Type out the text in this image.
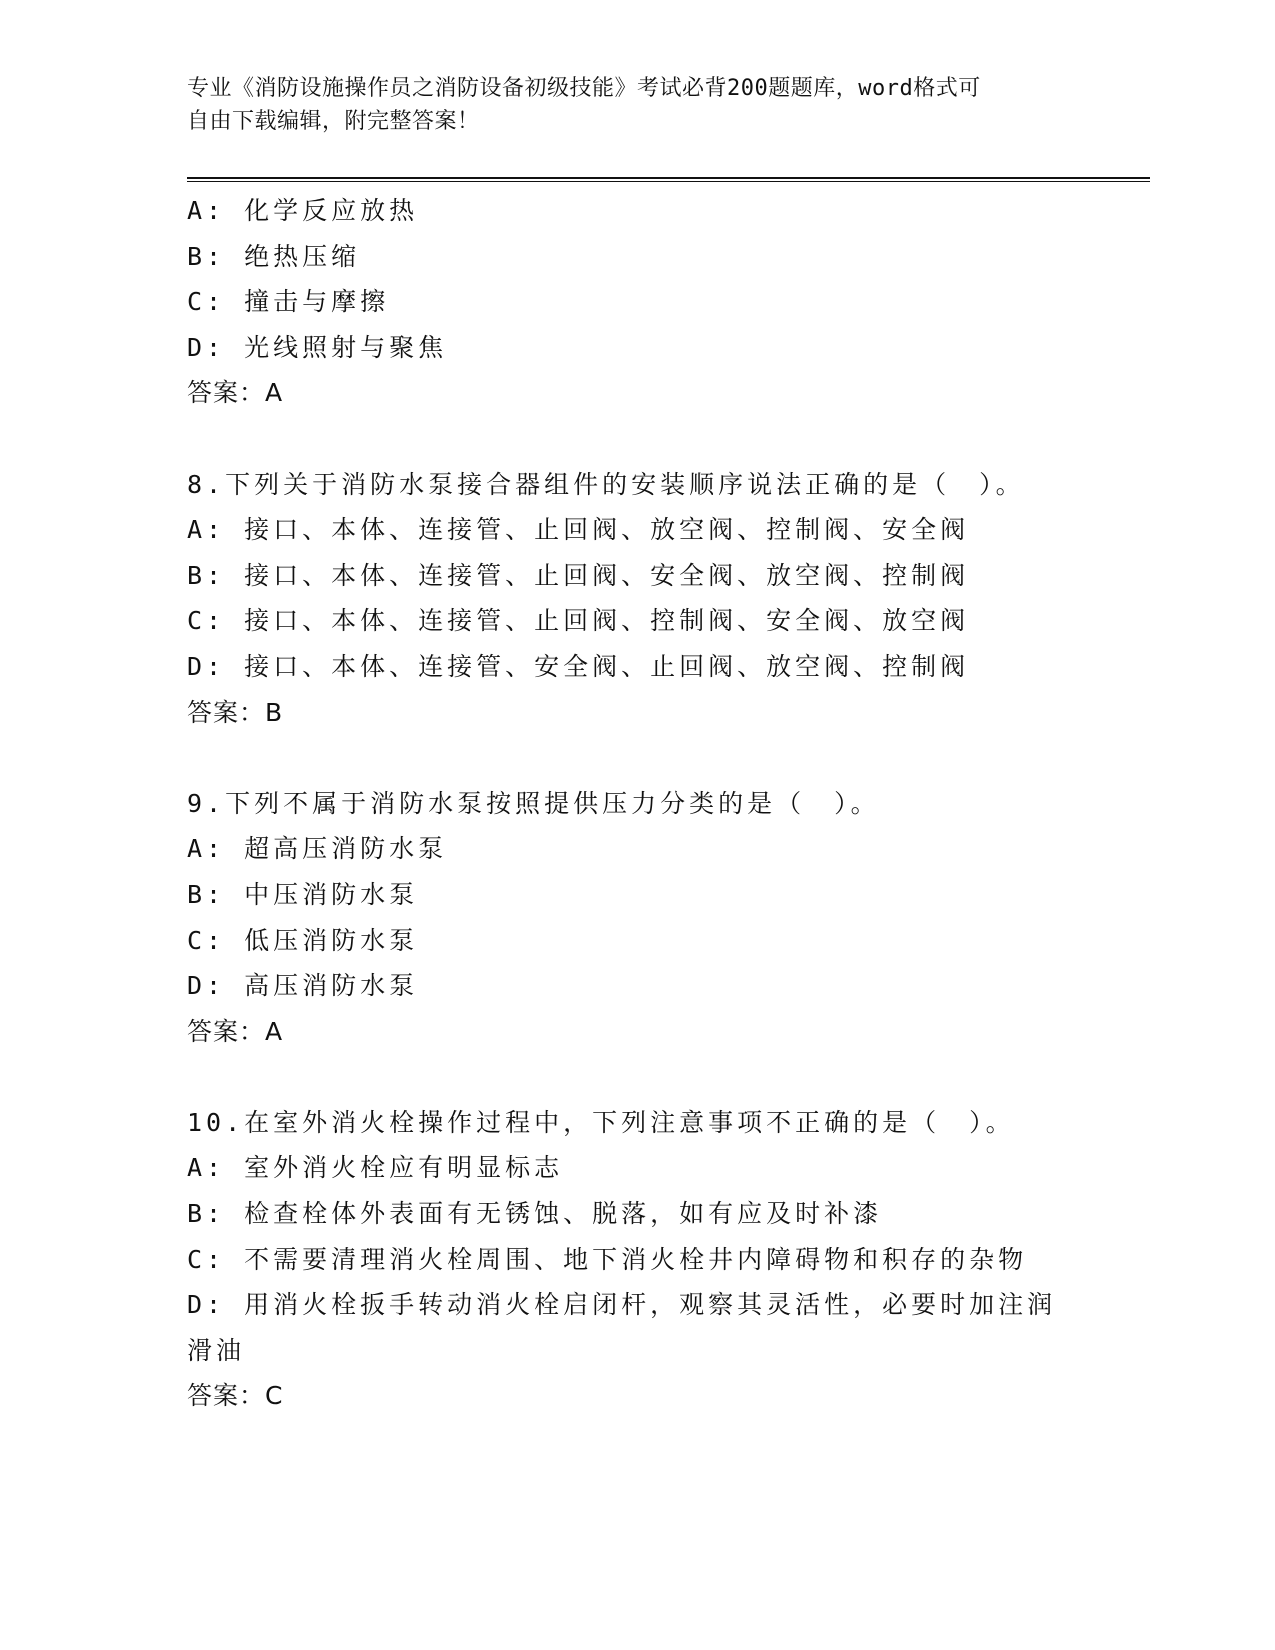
专业《消防设施操作员之消防设备初级技能》考试必背200题题库，word格式可
自由下载编辑，附完整答案！
A: 化学反应放热
B: 绝热压缩
C: 撞击与摩擦
D: 光线照射与聚焦
答案：A
8.下列关于消防水泵接合器组件的安装顺序说法正确的是（　）。
A: 接口、本体、连接管、止回阀、放空阀、控制阀、安全阀
B: 接口、本体、连接管、止回阀、安全阀、放空阀、控制阀
C: 接口、本体、连接管、止回阀、控制阀、安全阀、放空阀
D: 接口、本体、连接管、安全阀、止回阀、放空阀、控制阀
答案：B
9.下列不属于消防水泵按照提供压力分类的是（　）。
A: 超高压消防水泵
B: 中压消防水泵
C: 低压消防水泵
D: 高压消防水泵
答案：A
10.在室外消火栓操作过程中，下列注意事项不正确的是（　）。
A: 室外消火栓应有明显标志
B: 检查栓体外表面有无锈蚀、脱落，如有应及时补漆
C: 不需要清理消火栓周围、地下消火栓井内障碍物和积存的杂物
D: 用消火栓扳手转动消火栓启闭杆，观察其灵活性，必要时加注润滑油
答案：C
